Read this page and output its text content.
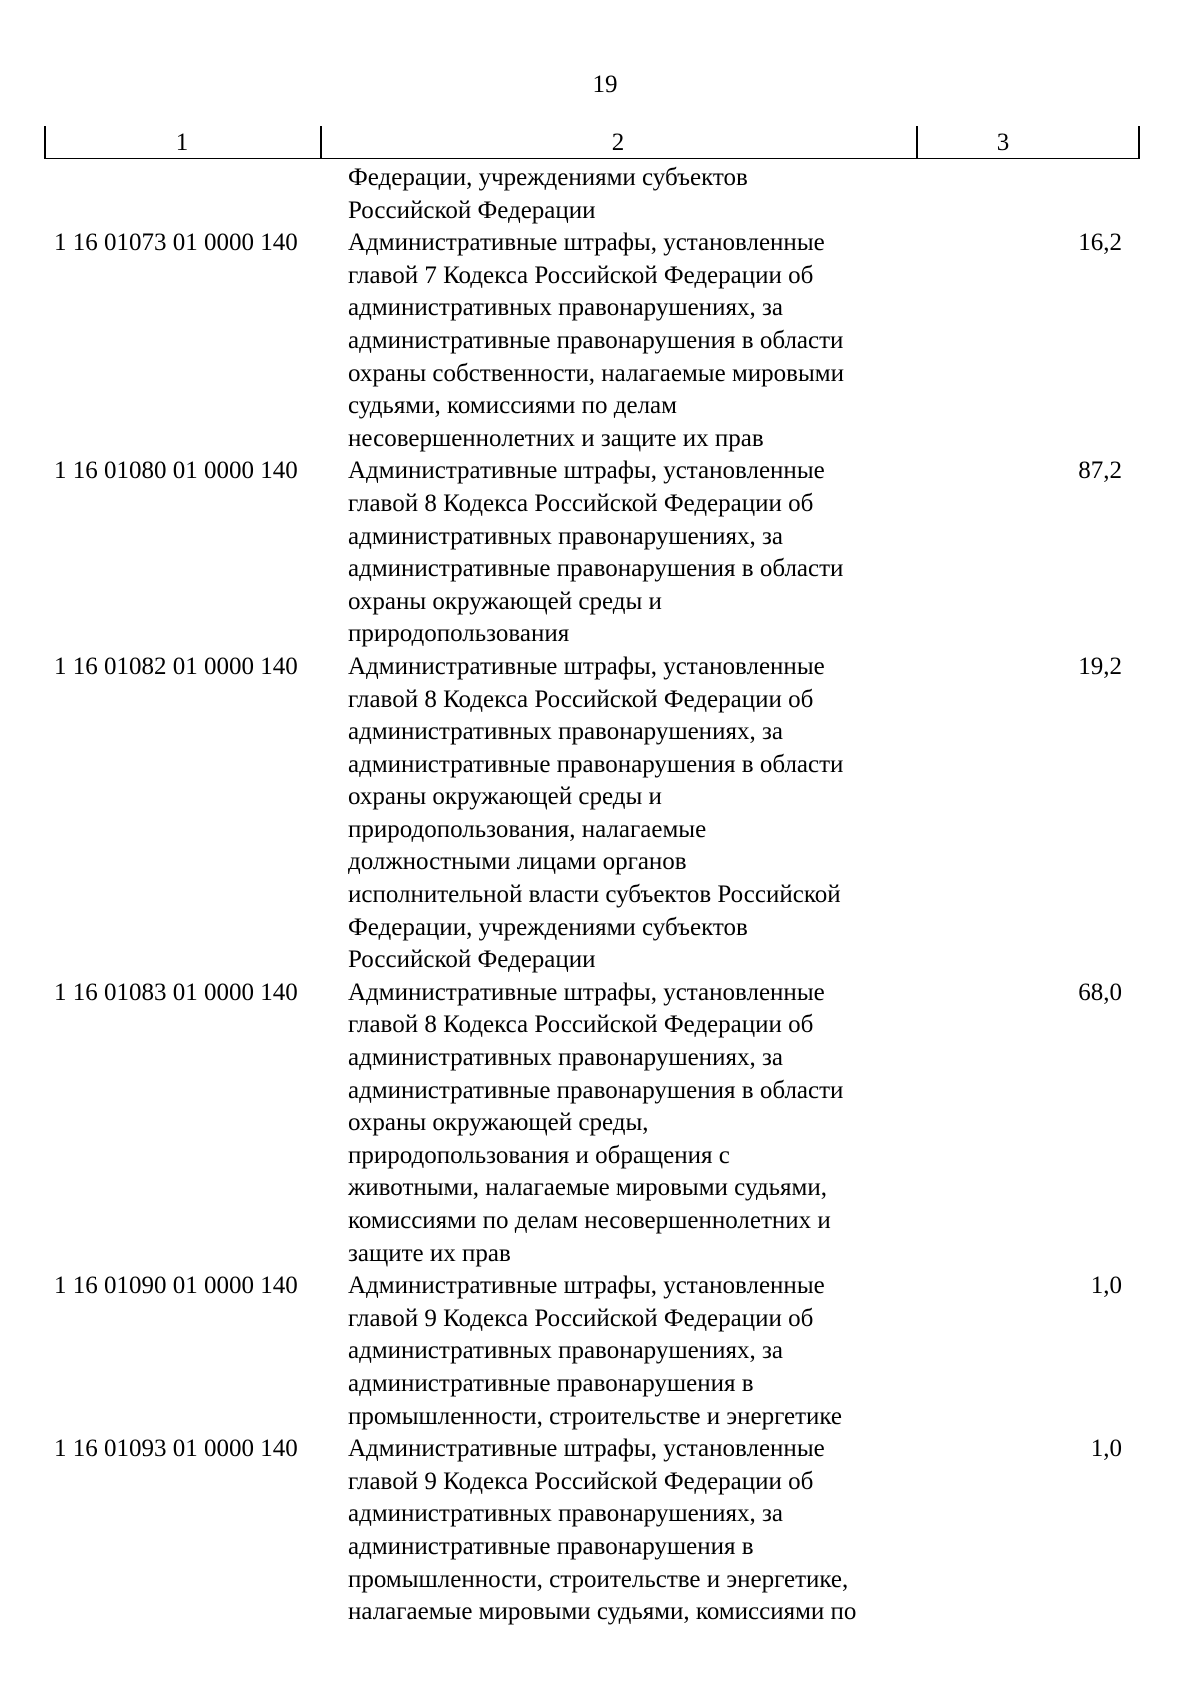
19
1	2	3
Федерации, учреждениями субъектов
Российской Федерации
1 16 01073 01 0000 140	Административные штрафы, установленные
главой 7 Кодекса Российской Федерации об
административных правонарушениях, за
административные правонарушения в области
охраны собственности, налагаемые мировыми
судьями, комиссиями по делам
несовершеннолетних и защите их прав
16,2
1 16 01080 01 0000 140	Административные штрафы, установленные
главой 8 Кодекса Российской Федерации об
административных правонарушениях, за
административные правонарушения в области
охраны окружающей среды и
природопользования
87,2
1 16 01082 01 0000 140	Административные штрафы, установленные
главой 8 Кодекса Российской Федерации об
административных правонарушениях, за
административные правонарушения в области
охраны окружающей среды и
природопользования, налагаемые
должностными лицами органов
исполнительной власти субъектов Российской
Федерации, учреждениями субъектов
Российской Федерации
19,2
1 16 01083 01 0000 140	Административные штрафы, установленные
главой 8 Кодекса Российской Федерации об
административных правонарушениях, за
административные правонарушения в области
охраны окружающей среды,
природопользования и обращения с
животными, налагаемые мировыми судьями,
комиссиями по делам несовершеннолетних и
защите их прав
68,0
1 16 01090 01 0000 140	Административные штрафы, установленные
главой 9 Кодекса Российской Федерации об
административных правонарушениях, за
административные правонарушения в
промышленности, строительстве и энергетике
1,0
1 16 01093 01 0000 140	Административные штрафы, установленные
главой 9 Кодекса Российской Федерации об
административных правонарушениях, за
административные правонарушения в
промышленности, строительстве и энергетике,
налагаемые мировыми судьями, комиссиями по
1,0
